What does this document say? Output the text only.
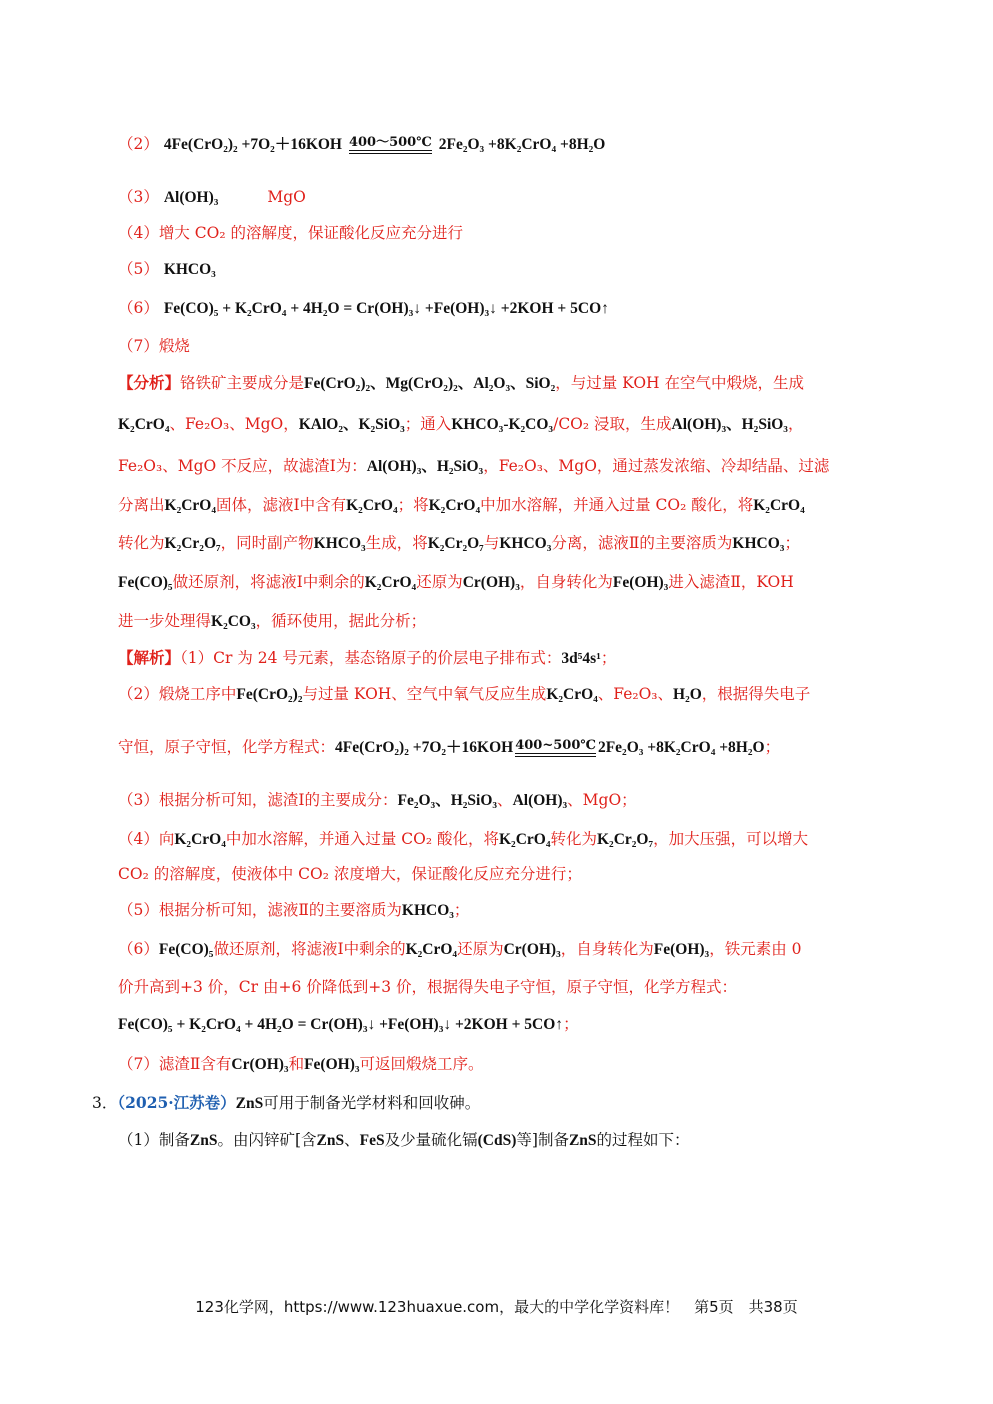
（2） 4Fe(CrO₂)₂ +7O₂＋16KOH 400～500℃ 2Fe₂O₃ +8K₂CrO₄ +8H₂O
（3） Al(OH)₃	MgO
（4）增大 CO₂ 的溶解度，保证酸化反应充分进行
（5） KHCO₃
（6） Fe(CO)₅ + K₂CrO₄ + 4H₂O = Cr(OH)₃↓ +Fe(OH)₃↓ +2KOH + 5CO↑
（7）煅烧
【分析】铬铁矿主要成分是Fe(CrO₂)₂、Mg(CrO₂)₂、Al₂O₃、SiO₂，与过量 KOH 在空气中煅烧，生成
K₂CrO₄、Fe₂O₃、MgO，KAlO₂、K₂SiO₃；通入KHCO₃-K₂CO₃/CO₂ 浸取，生成Al(OH)₃、H₂SiO₃，
Fe₂O₃、MgO 不反应，故滤渣Ⅰ为：Al(OH)₃、H₂SiO₃，Fe₂O₃、MgO，通过蒸发浓缩、冷却结晶、过滤
分离出K₂CrO₄固体，滤液Ⅰ中含有K₂CrO₄；将K₂CrO₄中加水溶解，并通入过量 CO₂ 酸化，将K₂CrO₄
转化为K₂Cr₂O₇，同时副产物KHCO₃生成，将K₂Cr₂O₇与KHCO₃分离，滤液Ⅱ的主要溶质为KHCO₃；
Fe(CO)₅做还原剂，将滤液Ⅰ中剩余的K₂CrO₄还原为Cr(OH)₃，自身转化为Fe(OH)₃进入滤渣Ⅱ，KOH
进一步处理得K₂CO₃，循环使用，据此分析；
【解析】（1）Cr 为 24 号元素，基态铬原子的价层电子排布式：3d⁵4s¹；
（2）煅烧工序中Fe(CrO₂)₂与过量 KOH、空气中氧气反应生成K₂CrO₄、Fe₂O₃、H₂O，根据得失电子
守恒，原子守恒，化学方程式：4Fe(CrO₂)₂ +7O₂＋16KOH 400~500℃ 2Fe₂O₃ +8K₂CrO₄ +8H₂O；
（3）根据分析可知，滤渣Ⅰ的主要成分：Fe₂O₃、H₂SiO₃、Al(OH)₃、MgO；
（4）向K₂CrO₄中加水溶解，并通入过量 CO₂ 酸化，将K₂CrO₄转化为K₂Cr₂O₇，加大压强，可以增大
CO₂ 的溶解度，使液体中 CO₂ 浓度增大，保证酸化反应充分进行；
（5）根据分析可知，滤液Ⅱ的主要溶质为KHCO₃；
（6）Fe(CO)₅做还原剂，将滤液Ⅰ中剩余的K₂CrO₄还原为Cr(OH)₃，自身转化为Fe(OH)₃，铁元素由 0
价升高到+3 价，Cr 由+6 价降低到+3 价，根据得失电子守恒，原子守恒，化学方程式：
Fe(CO)₅ + K₂CrO₄ + 4H₂O = Cr(OH)₃↓ +Fe(OH)₃↓ +2KOH + 5CO↑；
（7）滤渣Ⅱ含有Cr(OH)₃和Fe(OH)₃可返回煅烧工序。
3．（2025·江苏卷）ZnS可用于制备光学材料和回收砷。
（1）制备ZnS。由闪锌矿[含ZnS、FeS及少量硫化镉(CdS)等]制备ZnS的过程如下：
123化学网，https://www.123huaxue.com，最大的中学化学资料库！　第5页　共38页
